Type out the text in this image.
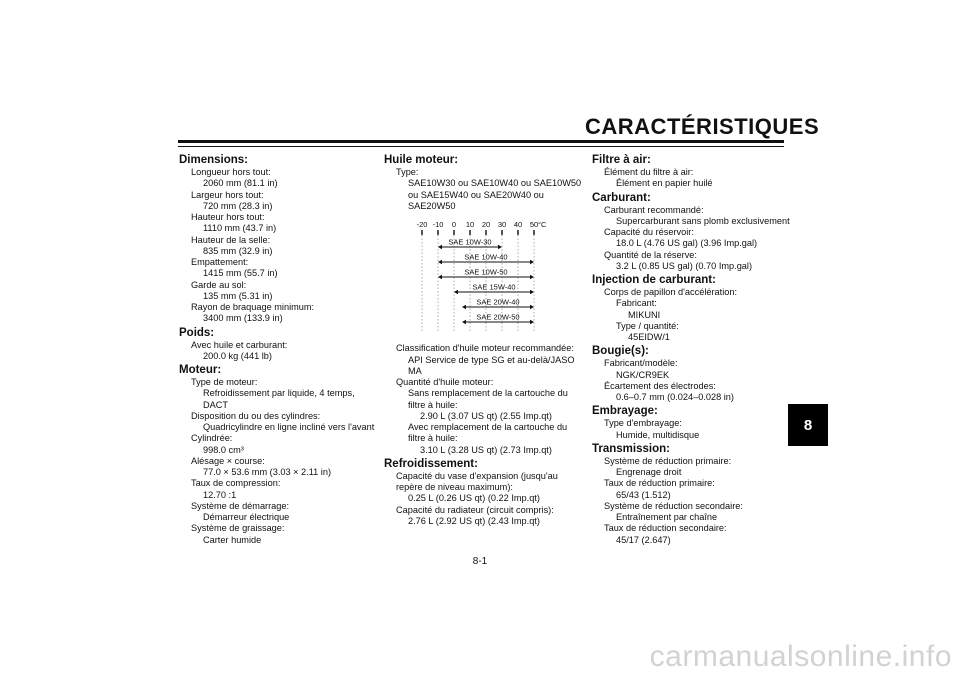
CARACTÉRISTIQUES
8
Dimensions:
Longueur hors tout:
2060 mm (81.1 in)
Largeur hors tout:
720 mm (28.3 in)
Hauteur hors tout:
1110 mm (43.7 in)
Hauteur de la selle:
835 mm (32.9 in)
Empattement:
1415 mm (55.7 in)
Garde au sol:
135 mm (5.31 in)
Rayon de braquage minimum:
3400 mm (133.9 in)
Poids:
Avec huile et carburant:
200.0 kg (441 lb)
Moteur:
Type de moteur:
Refroidissement par liquide, 4 temps,
DACT
Disposition du ou des cylindres:
Quadricylindre en ligne incliné vers l'avant
Cylindrée:
998.0 cm³
Alésage × course:
77.0 × 53.6 mm (3.03 × 2.11 in)
Taux de compression:
12.70 :1
Système de démarrage:
Démarreur électrique
Système de graissage:
Carter humide
Huile moteur:
Type:
SAE10W30 ou SAE10W40 ou SAE10W50
ou SAE15W40 ou SAE20W40 ou
SAE20W50
-20 -10 0 10 20 30 40 50 °C
SAE 10W-30
SAE 10W-40
SAE 10W-50
SAE 15W-40
SAE 20W-40
SAE 20W-50
Classification d'huile moteur recommandée:
API Service de type SG et au-delà/JASO
MA
Quantité d'huile moteur:
Sans remplacement de la cartouche du
filtre à huile:
2.90 L (3.07 US qt) (2.55 Imp.qt)
Avec remplacement de la cartouche du
filtre à huile:
3.10 L (3.28 US qt) (2.73 Imp.qt)
Refroidissement:
Capacité du vase d'expansion (jusqu'au
repère de niveau maximum):
0.25 L (0.26 US qt) (0.22 Imp.qt)
Capacité du radiateur (circuit compris):
2.76 L (2.92 US qt) (2.43 Imp.qt)
Filtre à air:
Élément du filtre à air:
Élément en papier huilé
Carburant:
Carburant recommandé:
Supercarburant sans plomb exclusivement
Capacité du réservoir:
18.0 L (4.76 US gal) (3.96 Imp.gal)
Quantité de la réserve:
3.2 L (0.85 US gal) (0.70 Imp.gal)
Injection de carburant:
Corps de papillon d'accélération:
Fabricant:
MIKUNI
Type / quantité:
45EIDW/1
Bougie(s):
Fabricant/modèle:
NGK/CR9EK
Écartement des électrodes:
0.6–0.7 mm (0.024–0.028 in)
Embrayage:
Type d'embrayage:
Humide, multidisque
Transmission:
Système de réduction primaire:
Engrenage droit
Taux de réduction primaire:
65/43 (1.512)
Système de réduction secondaire:
Entraînement par chaîne
Taux de réduction secondaire:
45/17 (2.647)
8-1
carmanualsonline.info
